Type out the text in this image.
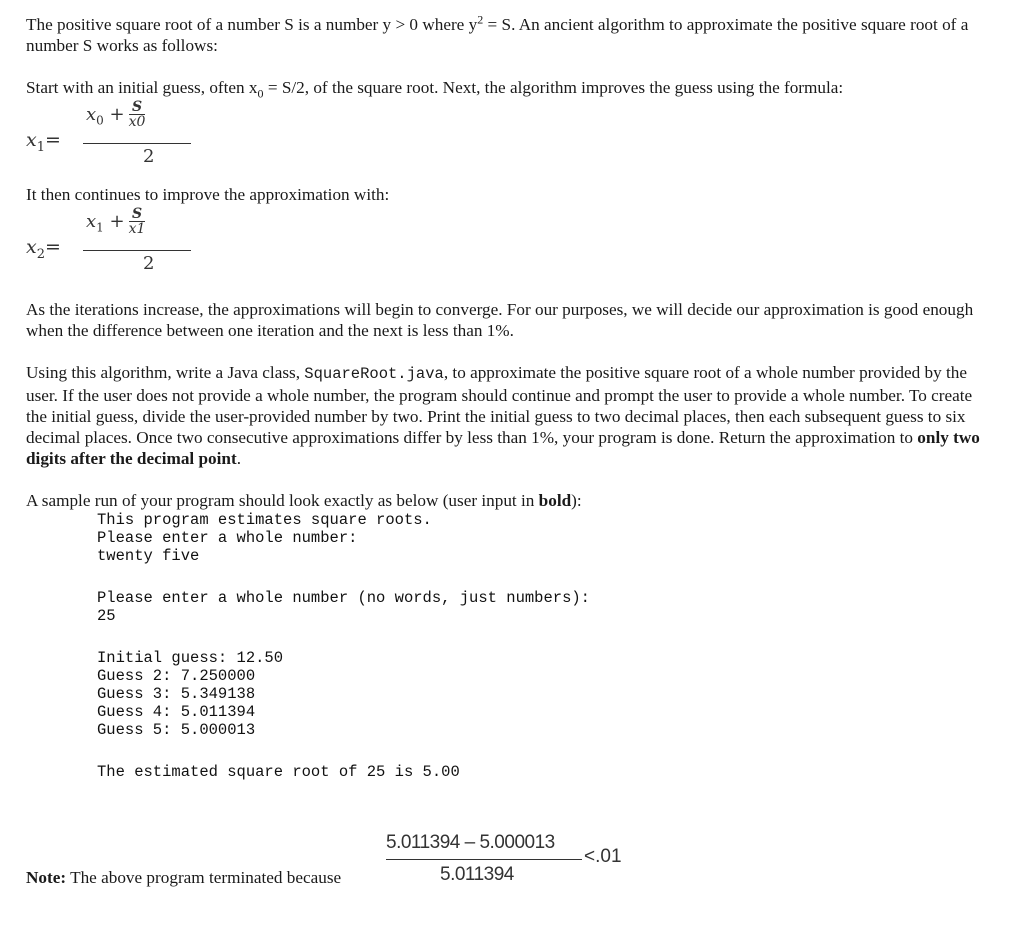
The positive square root of a number S is a number y > 0 where $y^2 = S$. An ancient algorithm to approximate the positive square root of a number S works as follows:

Start with an initial guess, often $x_0 = S/2$, of the square root. Next, the algorithm improves the guess using the formula:

$x_1=$
$x_0 + \frac{S}{x0}$
2

It then continues to improve the approximation with:

$x_2=$
$x_1 + \frac{S}{x1}$
2

As the iterations increase, the approximations will begin to converge. For our purposes, we will decide our approximation is good enough when the difference between one iteration and the next is less than 1%.

Using this algorithm, write a Java class, SquareRoot.java, to approximate the positive square root of a whole number provided by the user. If the user does not provide a whole number, the program should continue and prompt the user to provide a whole number. To create the initial guess, divide the user-provided number by two. Print the initial guess to two decimal places, then each subsequent guess to six decimal places. Once two consecutive approximations differ by less than 1%, your program is done. Return the approximation to only two digits after the decimal point.

A sample run of your program should look exactly as below (user input in bold):

This program estimates square roots.
Please enter a whole number:
twenty five
Please enter a whole number (no words, just numbers):
25
Initial guess: 12.50
Guess 2: 7.250000
Guess 3: 5.349138
Guess 4: 5.011394
Guess 5: 5.000013
The estimated square root of 25 is 5.00
Note: The above program terminated because
5.011394 – 5.000013
5.011394
<.01
